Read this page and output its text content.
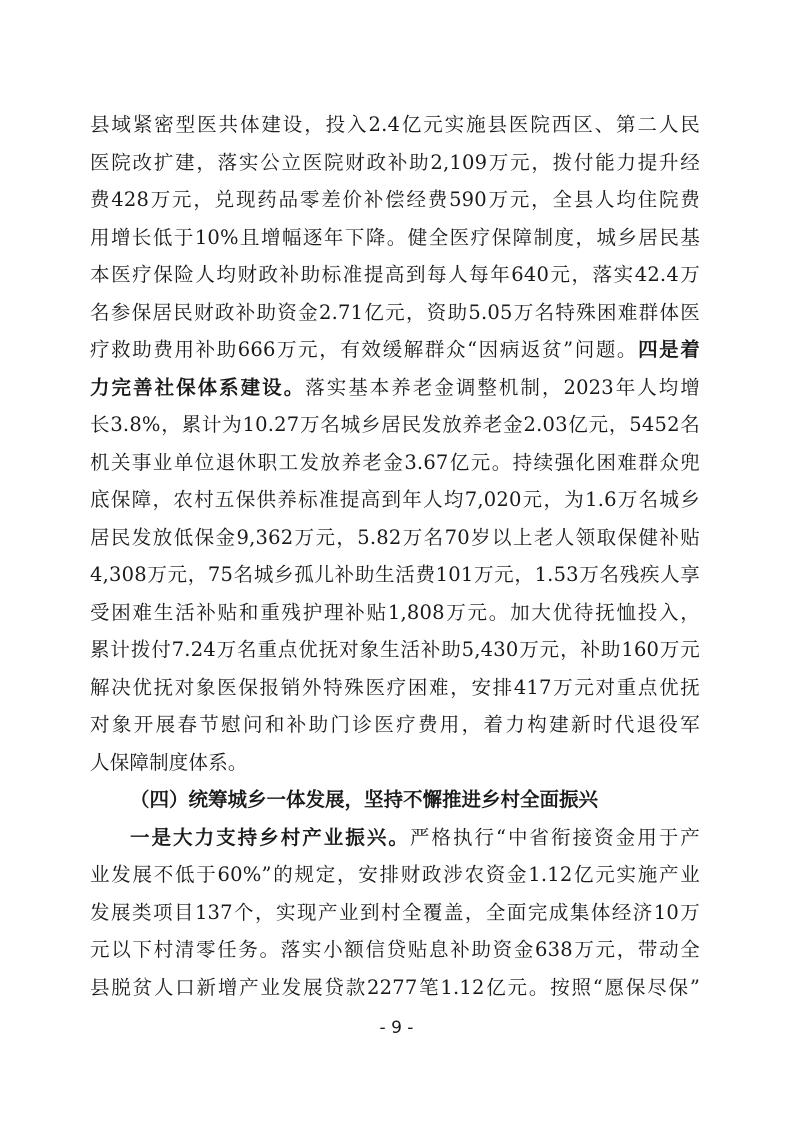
县域紧密型医共体建设，投入2.4亿元实施县医院西区、第二人民
医院改扩建，落实公立医院财政补助2,109万元，拨付能力提升经
费428万元，兑现药品零差价补偿经费590万元，全县人均住院费
用增长低于10%且增幅逐年下降。健全医疗保障制度，城乡居民基
本医疗保险人均财政补助标准提高到每人每年640元，落实42.4万
名参保居民财政补助资金2.71亿元，资助5.05万名特殊困难群体医
疗救助费用补助666万元，有效缓解群众“因病返贫”问题。四是着
力完善社保体系建设。落实基本养老金调整机制，2023年人均增
长3.8%，累计为10.27万名城乡居民发放养老金2.03亿元，5452名
机关事业单位退休职工发放养老金3.67亿元。持续强化困难群众兜
底保障，农村五保供养标准提高到年人均7,020元，为1.6万名城乡
居民发放低保金9,362万元，5.82万名70岁以上老人领取保健补贴
4,308万元，75名城乡孤儿补助生活费101万元，1.53万名残疾人享
受困难生活补贴和重残护理补贴1,808万元。加大优待抚恤投入，
累计拨付7.24万名重点优抚对象生活补助5,430万元，补助160万元
解决优抚对象医保报销外特殊医疗困难，安排417万元对重点优抚
对象开展春节慰问和补助门诊医疗费用，着力构建新时代退役军
人保障制度体系。
（四）统筹城乡一体发展，坚持不懈推进乡村全面振兴
一是大力支持乡村产业振兴。严格执行“中省衔接资金用于产
业发展不低于60%”的规定，安排财政涉农资金1.12亿元实施产业
发展类项目137个，实现产业到村全覆盖，全面完成集体经济10万
元以下村清零任务。落实小额信贷贴息补助资金638万元，带动全
县脱贫人口新增产业发展贷款2277笔1.12亿元。按照“愿保尽保”
- 9 -
